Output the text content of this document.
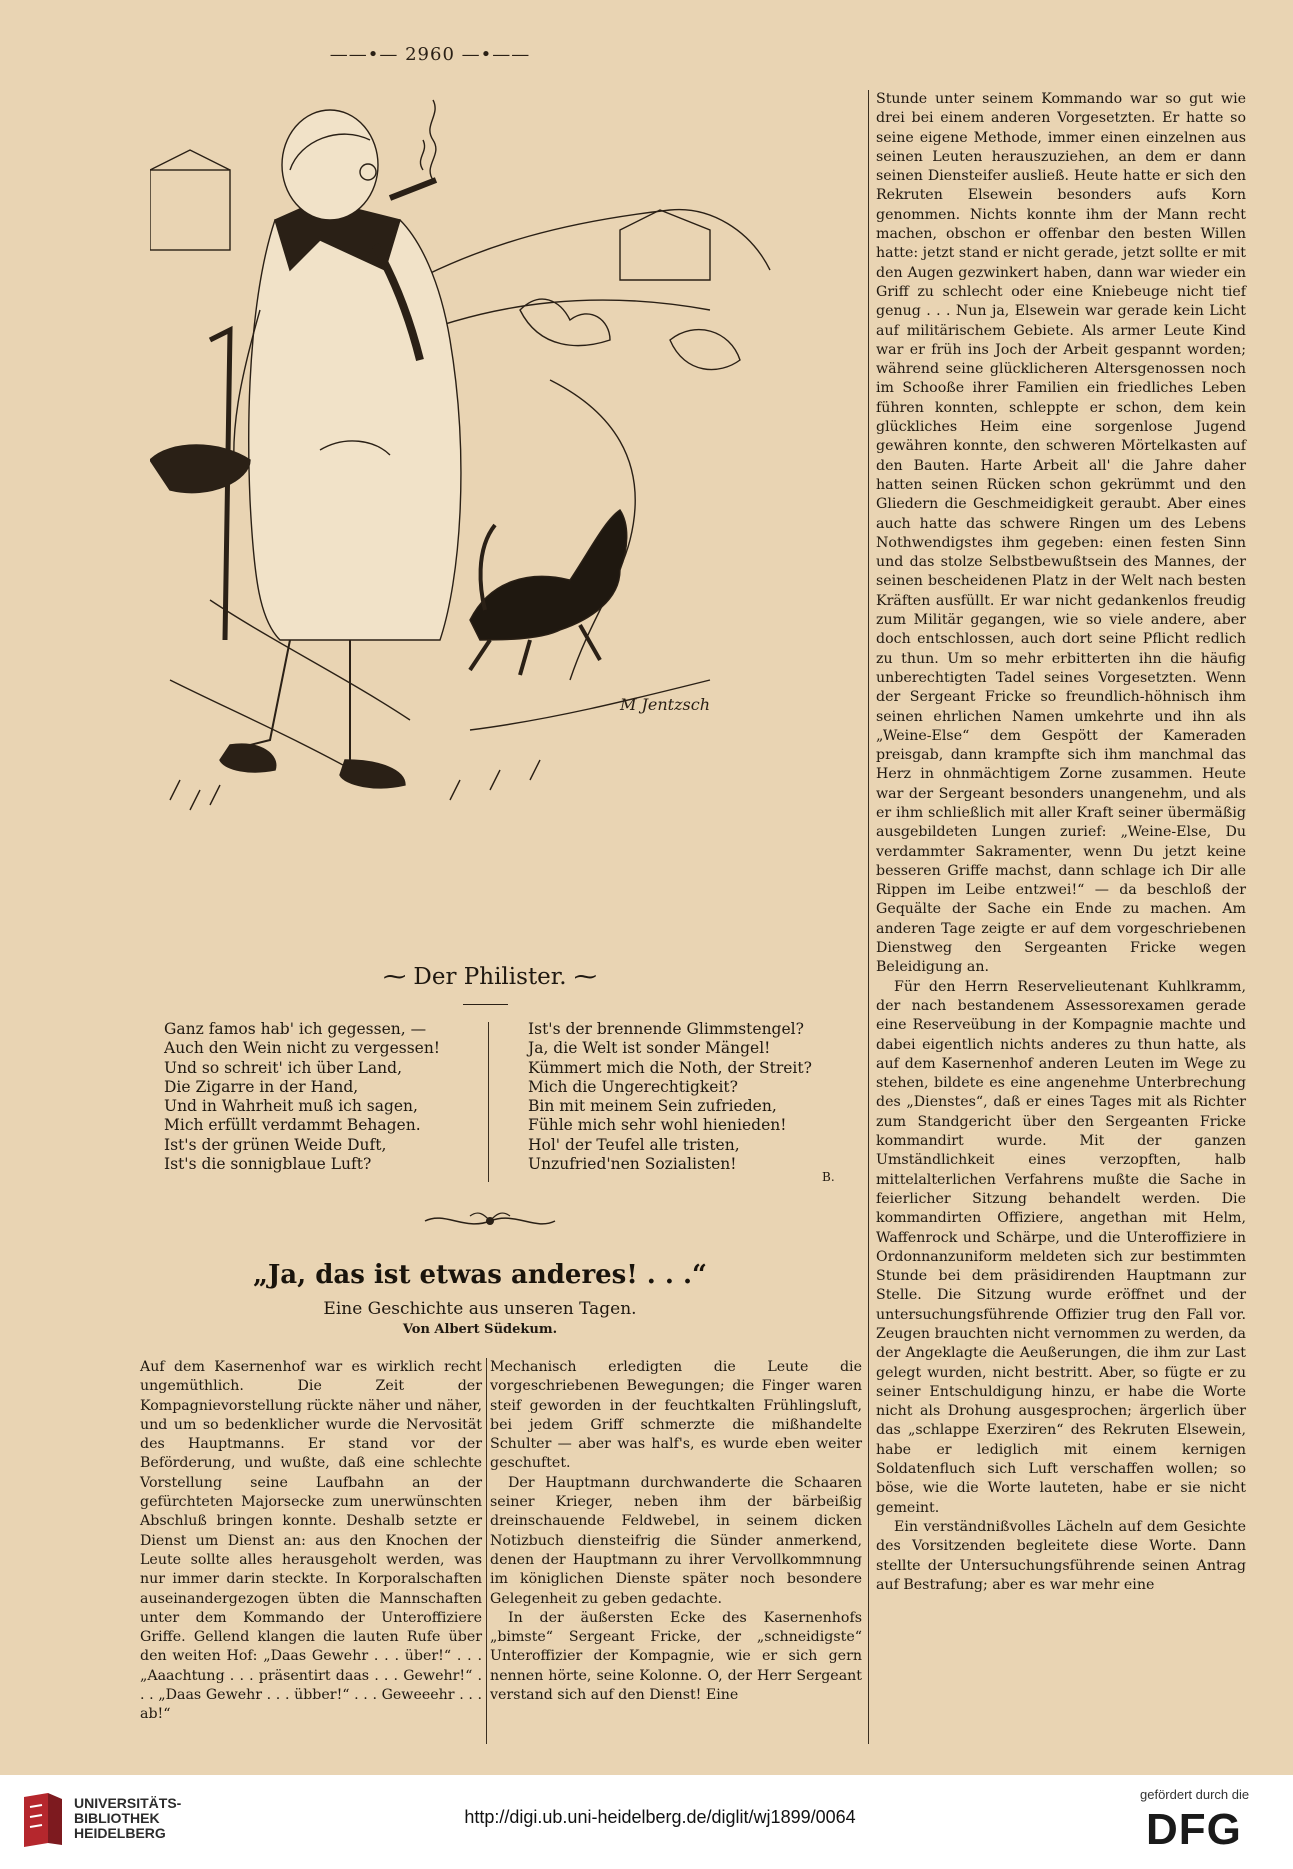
——•— 2960 —•——
M Jentzsch
⁓ Der Philister. ⁓
Ganz famos hab' ich gegessen, —
Auch den Wein nicht zu vergessen!
Und so schreit' ich über Land,
Die Zigarre in der Hand,
Und in Wahrheit muß ich sagen,
Mich erfüllt verdammt Behagen.
Ist's der grünen Weide Duft,
Ist's die sonnigblaue Luft?
Ist's der brennende Glimmstengel?
Ja, die Welt ist sonder Mängel!
Kümmert mich die Noth, der Streit?
Mich die Ungerechtigkeit?
Bin mit meinem Sein zufrieden,
Fühle mich sehr wohl hienieden!
Hol' der Teufel alle tristen,
Unzufried'nen Sozialisten!
B.
„Ja, das ist etwas anderes! . . .“
Eine Geschichte aus unseren Tagen.
Von Albert Südekum.

Auf dem Kasernenhof war es wirklich recht ungemüthlich. Die Zeit der Kompagnievorstellung rückte näher und näher, und um so bedenklicher wurde die Nervosität des Hauptmanns. Er stand vor der Beförderung, und wußte, daß eine schlechte Vorstellung seine Laufbahn an der gefürchteten Majorsecke zum unerwünschten Abschluß bringen konnte. Deshalb setzte er Dienst um Dienst an: aus den Knochen der Leute sollte alles herausgeholt werden, was nur immer darin steckte. In Korporalschaften auseinandergezogen übten die Mannschaften unter dem Kommando der Unteroffiziere Griffe. Gellend klangen die lauten Rufe über den weiten Hof: „Daas Gewehr . . . über!“ . . . „Aaachtung . . . präsentirt daas . . . Gewehr!“ . . . „Daas Gewehr . . . übber!“ . . . Geweeehr . . . ab!“

Mechanisch erledigten die Leute die vorgeschriebenen Bewegungen; die Finger waren steif geworden in der feuchtkalten Frühlingsluft, bei jedem Griff schmerzte die mißhandelte Schulter — aber was half's, es wurde eben weiter geschuftet.

Der Hauptmann durchwanderte die Schaaren seiner Krieger, neben ihm der bärbeißig dreinschauende Feldwebel, in seinem dicken Notizbuch diensteifrig die Sünder anmerkend, denen der Hauptmann zu ihrer Vervollkommnung im königlichen Dienste später noch besondere Gelegenheit zu geben gedachte.

In der äußersten Ecke des Kasernenhofs „bimste“ Sergeant Fricke, der „schneidigste“ Unteroffizier der Kompagnie, wie er sich gern nennen hörte, seine Kolonne. O, der Herr Sergeant verstand sich auf den Dienst! Eine

Stunde unter seinem Kommando war so gut wie drei bei einem anderen Vorgesetzten. Er hatte so seine eigene Methode, immer einen einzelnen aus seinen Leuten herauszuziehen, an dem er dann seinen Diensteifer ausließ. Heute hatte er sich den Rekruten Elsewein besonders aufs Korn genommen. Nichts konnte ihm der Mann recht machen, obschon er offenbar den besten Willen hatte: jetzt stand er nicht gerade, jetzt sollte er mit den Augen gezwinkert haben, dann war wieder ein Griff zu schlecht oder eine Kniebeuge nicht tief genug . . . Nun ja, Elsewein war gerade kein Licht auf militärischem Gebiete. Als armer Leute Kind war er früh ins Joch der Arbeit gespannt worden; während seine glücklicheren Altersgenossen noch im Schooße ihrer Familien ein friedliches Leben führen konnten, schleppte er schon, dem kein glückliches Heim eine sorgenlose Jugend gewähren konnte, den schweren Mörtelkasten auf den Bauten. Harte Arbeit all' die Jahre daher hatten seinen Rücken schon gekrümmt und den Gliedern die Geschmeidigkeit geraubt. Aber eines auch hatte das schwere Ringen um des Lebens Nothwendigstes ihm gegeben: einen festen Sinn und das stolze Selbstbewußtsein des Mannes, der seinen bescheidenen Platz in der Welt nach besten Kräften ausfüllt. Er war nicht gedankenlos freudig zum Militär gegangen, wie so viele andere, aber doch entschlossen, auch dort seine Pflicht redlich zu thun. Um so mehr erbitterten ihn die häufig unberechtigten Tadel seines Vorgesetzten. Wenn der Sergeant Fricke so freundlich-höhnisch ihm seinen ehrlichen Namen umkehrte und ihn als „Weine-Else“ dem Gespött der Kameraden preisgab, dann krampfte sich ihm manchmal das Herz in ohnmächtigem Zorne zusammen. Heute war der Sergeant besonders unangenehm, und als er ihm schließlich mit aller Kraft seiner übermäßig ausgebildeten Lungen zurief: „Weine-Else, Du verdammter Sakramenter, wenn Du jetzt keine besseren Griffe machst, dann schlage ich Dir alle Rippen im Leibe entzwei!“ — da beschloß der Gequälte der Sache ein Ende zu machen. Am anderen Tage zeigte er auf dem vorgeschriebenen Dienstweg den Sergeanten Fricke wegen Beleidigung an.

Für den Herrn Reservelieutenant Kuhlkramm, der nach bestandenem Assessorexamen gerade eine Reserveübung in der Kompagnie machte und dabei eigentlich nichts anderes zu thun hatte, als auf dem Kasernenhof anderen Leuten im Wege zu stehen, bildete es eine angenehme Unterbrechung des „Dienstes“, daß er eines Tages mit als Richter zum Standgericht über den Sergeanten Fricke kommandirt wurde. Mit der ganzen Umständlichkeit eines verzopften, halb mittelalterlichen Verfahrens mußte die Sache in feierlicher Sitzung behandelt werden. Die kommandirten Offiziere, angethan mit Helm, Waffenrock und Schärpe, und die Unteroffiziere in Ordonnanzuniform meldeten sich zur bestimmten Stunde bei dem präsidirenden Hauptmann zur Stelle. Die Sitzung wurde eröffnet und der untersuchungsführende Offizier trug den Fall vor. Zeugen brauchten nicht vernommen zu werden, da der Angeklagte die Aeußerungen, die ihm zur Last gelegt wurden, nicht bestritt. Aber, so fügte er zu seiner Entschuldigung hinzu, er habe die Worte nicht als Drohung ausgesprochen; ärgerlich über das „schlappe Exerziren“ des Rekruten Elsewein, habe er lediglich mit einem kernigen Soldatenfluch sich Luft verschaffen wollen; so böse, wie die Worte lauteten, habe er sie nicht gemeint.

Ein verständnißvolles Lächeln auf dem Gesichte des Vorsitzenden begleitete diese Worte. Dann stellte der Untersuchungsführende seinen Antrag auf Bestrafung; aber es war mehr eine

UNIVERSITÄTS-
BIBLIOTHEK
HEIDELBERG
http://digi.ub.uni-heidelberg.de/diglit/wj1899/0064
gefördert durch die
DFG
